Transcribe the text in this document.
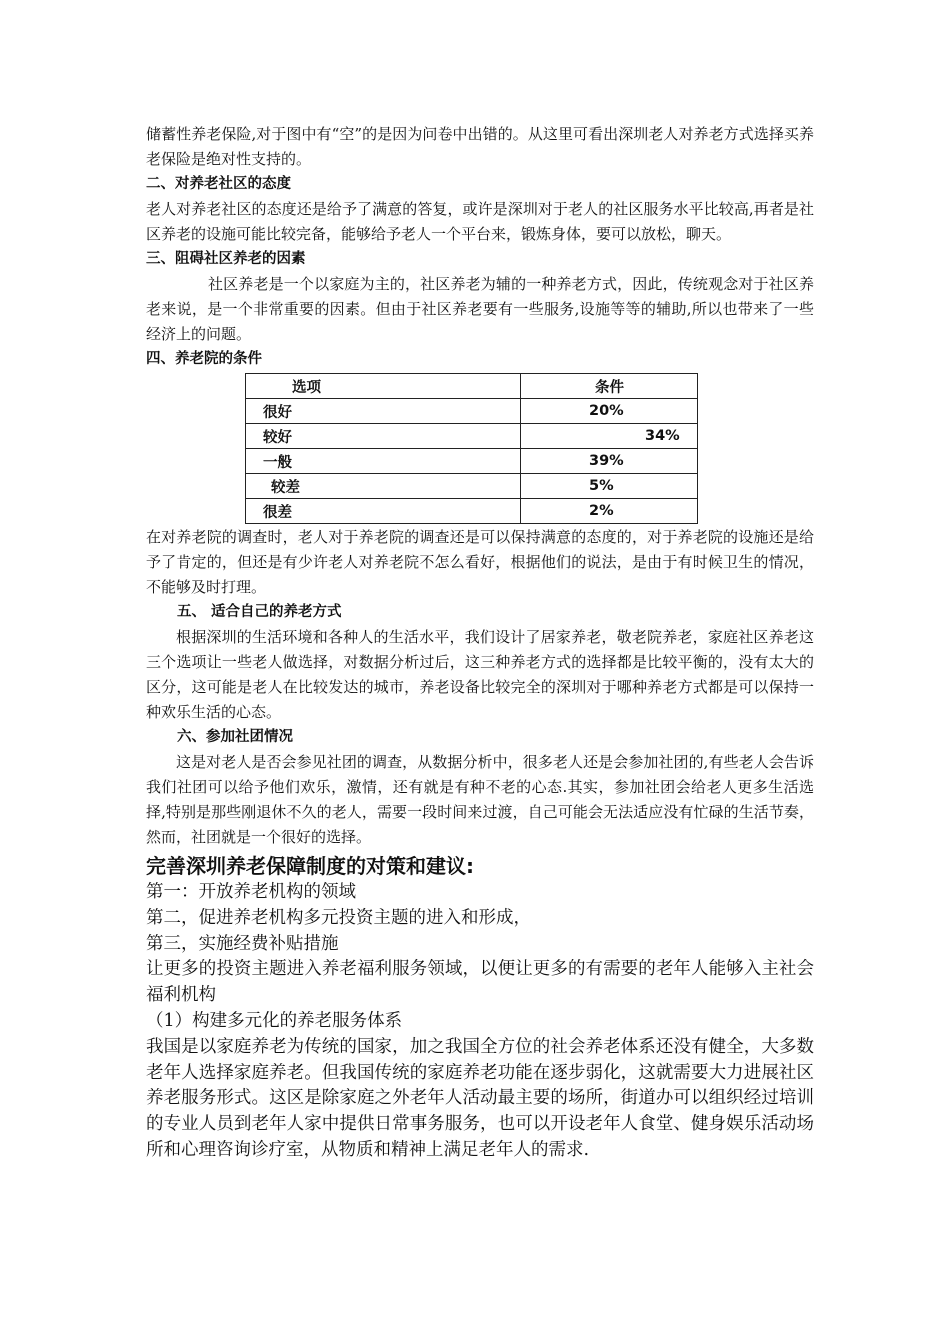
储蓄性养老保险,对于图中有“空”的是因为问卷中出错的。从这里可看出深圳老人对养老方式选择买养老保险是绝对性支持的。

二、对养老社区的态度

老人对养老社区的态度还是给予了满意的答复，或许是深圳对于老人的社区服务水平比较高,再者是社区养老的设施可能比较完备，能够给予老人一个平台来，锻炼身体，要可以放松，聊天。

三、阻碍社区养老的因素

社区养老是一个以家庭为主的，社区养老为辅的一种养老方式，因此，传统观念对于社区养老来说，是一个非常重要的因素。但由于社区养老要有一些服务,设施等等的辅助,所以也带来了一些经济上的问题。

四、养老院的条件

选项	条件
很好	20%
较好	34%
一般	39%
较差	5%
很差	2%

在对养老院的调查时，老人对于养老院的调查还是可以保持满意的态度的，对于养老院的设施还是给予了肯定的，但还是有少许老人对养老院不怎么看好，根据他们的说法，是由于有时候卫生的情况，不能够及时打理。

五、 适合自己的养老方式

根据深圳的生活环境和各种人的生活水平，我们设计了居家养老，敬老院养老，家庭社区养老这三个选项让一些老人做选择，对数据分析过后，这三种养老方式的选择都是比较平衡的，没有太大的区分，这可能是老人在比较发达的城市，养老设备比较完全的深圳对于哪种养老方式都是可以保持一种欢乐生活的心态。

六、参加社团情况

这是对老人是否会参见社团的调查，从数据分析中，很多老人还是会参加社团的,有些老人会告诉我们社团可以给予他们欢乐，激情，还有就是有种不老的心态.其实，参加社团会给老人更多生活选择,特别是那些刚退休不久的老人，需要一段时间来过渡，自己可能会无法适应没有忙碌的生活节奏，然而，社团就是一个很好的选择。

完善深圳养老保障制度的对策和建议:

第一：开放养老机构的领域

第二，促进养老机构多元投资主题的进入和形成，

第三，实施经费补贴措施

让更多的投资主题进入养老福利服务领域，以便让更多的有需要的老年人能够入主社会福利机构

（1）构建多元化的养老服务体系

我国是以家庭养老为传统的国家，加之我国全方位的社会养老体系还没有健全，大多数老年人选择家庭养老。但我国传统的家庭养老功能在逐步弱化，这就需要大力进展社区养老服务形式。这区是除家庭之外老年人活动最主要的场所，街道办可以组织经过培训的专业人员到老年人家中提供日常事务服务，也可以开设老年人食堂、健身娱乐活动场所和心理咨询诊疗室，从物质和精神上满足老年人的需求.
